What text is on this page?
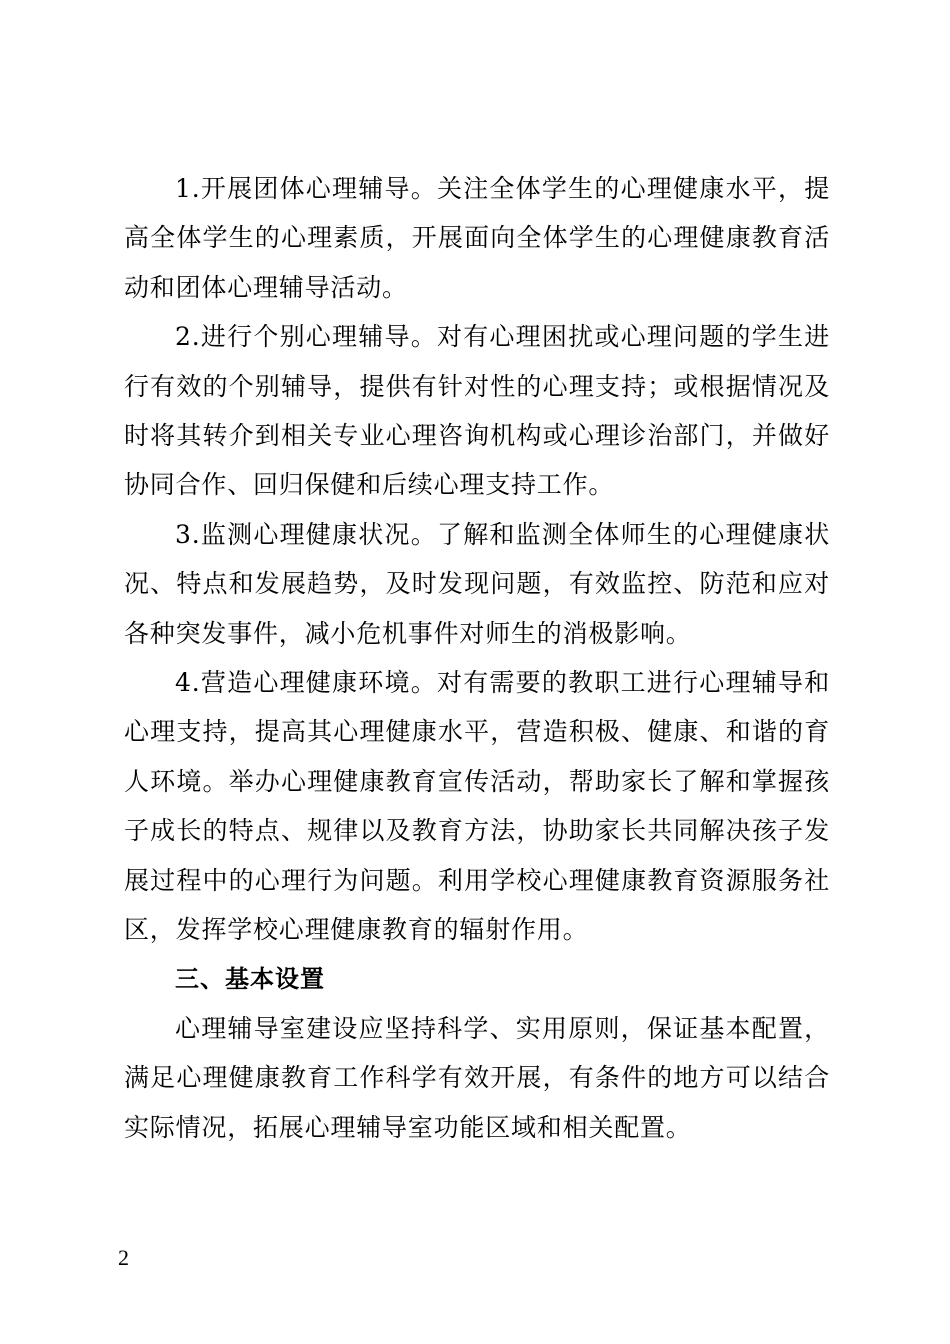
1.开展团体心理辅导。关注全体学生的心理健康水平，提高全体学生的心理素质，开展面向全体学生的心理健康教育活动和团体心理辅导活动。

2.进行个别心理辅导。对有心理困扰或心理问题的学生进行有效的个别辅导，提供有针对性的心理支持；或根据情况及时将其转介到相关专业心理咨询机构或心理诊治部门，并做好协同合作、回归保健和后续心理支持工作。

3.监测心理健康状况。了解和监测全体师生的心理健康状况、特点和发展趋势，及时发现问题，有效监控、防范和应对各种突发事件，减小危机事件对师生的消极影响。

4.营造心理健康环境。对有需要的教职工进行心理辅导和心理支持，提高其心理健康水平，营造积极、健康、和谐的育人环境。举办心理健康教育宣传活动，帮助家长了解和掌握孩子成长的特点、规律以及教育方法，协助家长共同解决孩子发展过程中的心理行为问题。利用学校心理健康教育资源服务社区，发挥学校心理健康教育的辐射作用。

三、基本设置

心理辅导室建设应坚持科学、实用原则，保证基本配置，满足心理健康教育工作科学有效开展，有条件的地方可以结合实际情况，拓展心理辅导室功能区域和相关配置。

2
